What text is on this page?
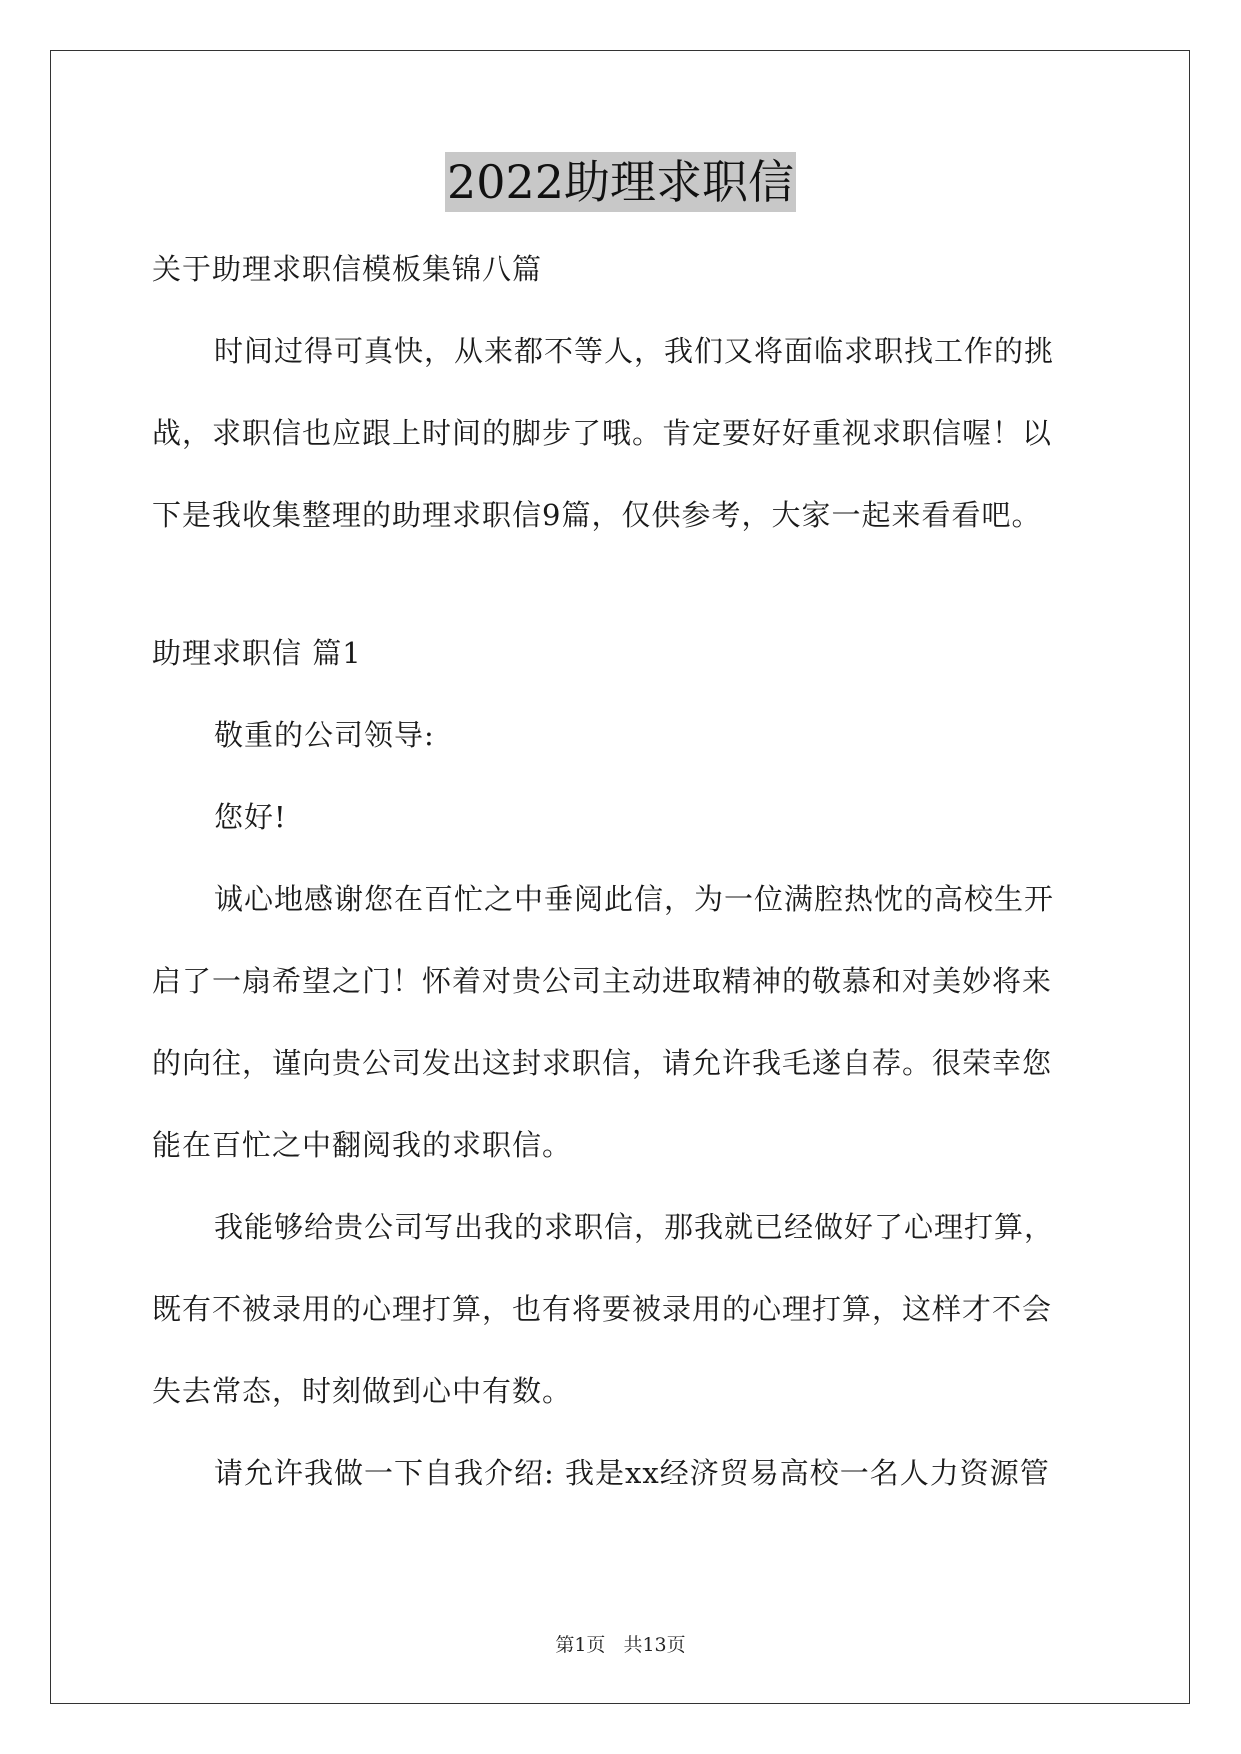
2022助理求职信
关于助理求职信模板集锦八篇
时间过得可真快，从来都不等人，我们又将面临求职找工作的挑
战，求职信也应跟上时间的脚步了哦。肯定要好好重视求职信喔！以
下是我收集整理的助理求职信9篇，仅供参考，大家一起来看看吧。
助理求职信 篇1
敬重的公司领导:
您好!
诚心地感谢您在百忙之中垂阅此信，为一位满腔热忱的高校生开
启了一扇希望之门！怀着对贵公司主动进取精神的敬慕和对美妙将来
的向往，谨向贵公司发出这封求职信，请允许我毛遂自荐。很荣幸您
能在百忙之中翻阅我的求职信。
我能够给贵公司写出我的求职信，那我就已经做好了心理打算，
既有不被录用的心理打算，也有将要被录用的心理打算，这样才不会
失去常态，时刻做到心中有数。
请允许我做一下自我介绍: 我是xx经济贸易高校一名人力资源管
第1页 共13页
